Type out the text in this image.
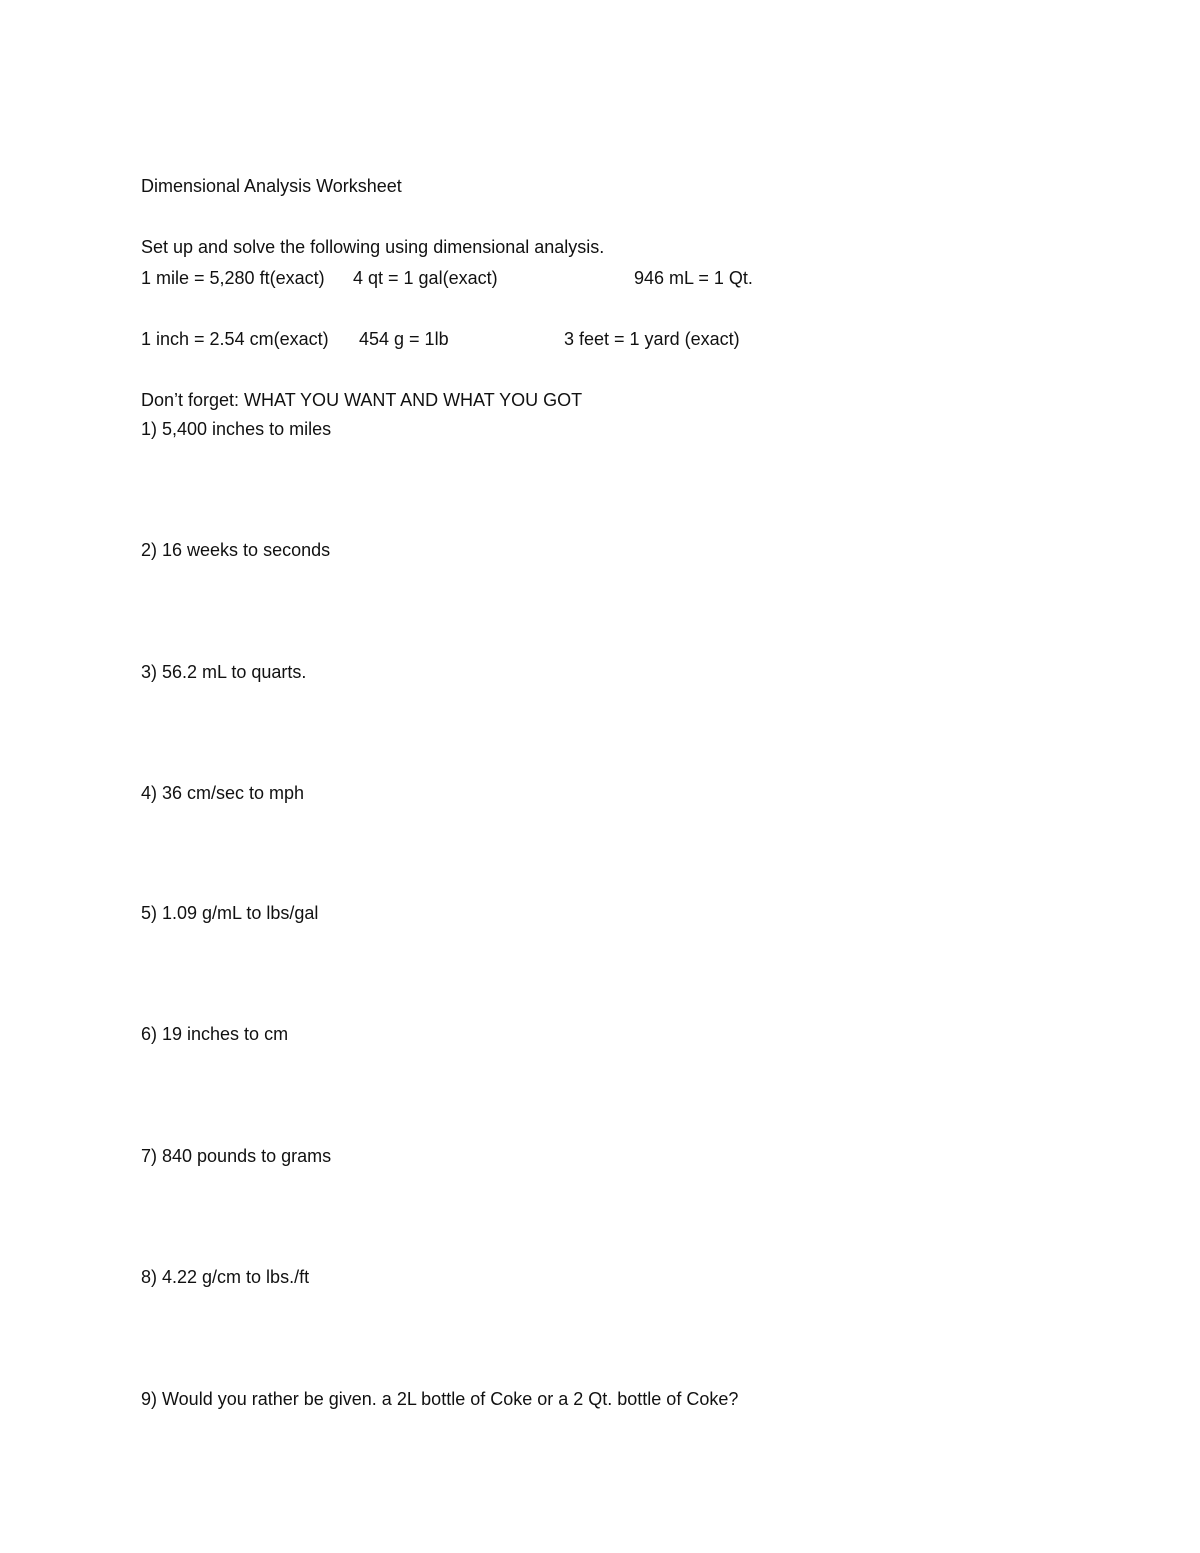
Dimensional Analysis Worksheet
Set up and solve the following using dimensional analysis.
1 mile = 5,280 ft(exact) 4 qt = 1 gal(exact)	946 mL = 1 Qt.
1 inch = 2.54 cm(exact) 454 g = 1lb	3 feet = 1 yard (exact)
Don’t forget: WHAT YOU WANT AND WHAT YOU GOT
1) 5,400 inches to miles
2) 16 weeks to seconds
3) 56.2 mL to quarts.
4) 36 cm/sec to mph
5) 1.09 g/mL to lbs/gal
6) 19 inches to cm
7) 840 pounds to grams
8) 4.22 g/cm to lbs./ft
9) Would you rather be given. a 2L bottle of Coke or a 2 Qt. bottle of Coke?
